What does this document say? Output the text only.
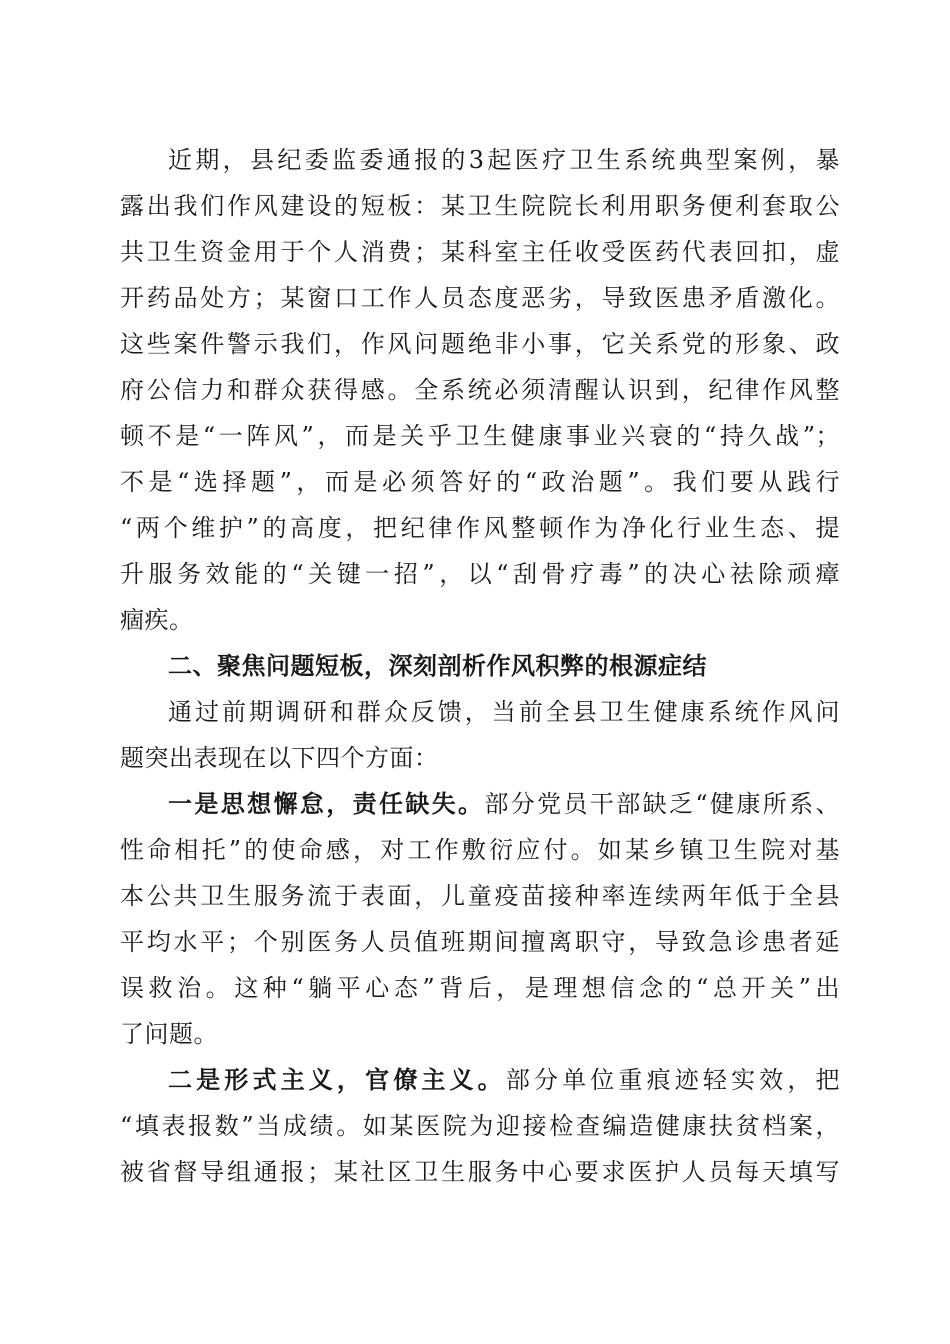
近期，县纪委监委通报的3起医疗卫生系统典型案例，暴
露出我们作风建设的短板：某卫生院院长利用职务便利套取公
共卫生资金用于个人消费；某科室主任收受医药代表回扣，虚
开药品处方；某窗口工作人员态度恶劣，导致医患矛盾激化。
这些案件警示我们，作风问题绝非小事，它关系党的形象、政
府公信力和群众获得感。全系统必须清醒认识到，纪律作风整
顿不是“一阵风”，而是关乎卫生健康事业兴衰的“持久战”；
不是“选择题”，而是必须答好的“政治题”。我们要从践行
“两个维护”的高度，把纪律作风整顿作为净化行业生态、提
升服务效能的“关键一招”，以“刮骨疗毒”的决心祛除顽瘴
痼疾。
二、聚焦问题短板，深刻剖析作风积弊的根源症结
通过前期调研和群众反馈，当前全县卫生健康系统作风问
题突出表现在以下四个方面：
一是思想懈怠，责任缺失。部分党员干部缺乏“健康所系、
性命相托”的使命感，对工作敷衍应付。如某乡镇卫生院对基
本公共卫生服务流于表面，儿童疫苗接种率连续两年低于全县
平均水平；个别医务人员值班期间擅离职守，导致急诊患者延
误救治。这种“躺平心态”背后，是理想信念的“总开关”出
了问题。
二是形式主义，官僚主义。部分单位重痕迹轻实效，把
“填表报数”当成绩。如某医院为迎接检查编造健康扶贫档案，
被省督导组通报；某社区卫生服务中心要求医护人员每天填写
